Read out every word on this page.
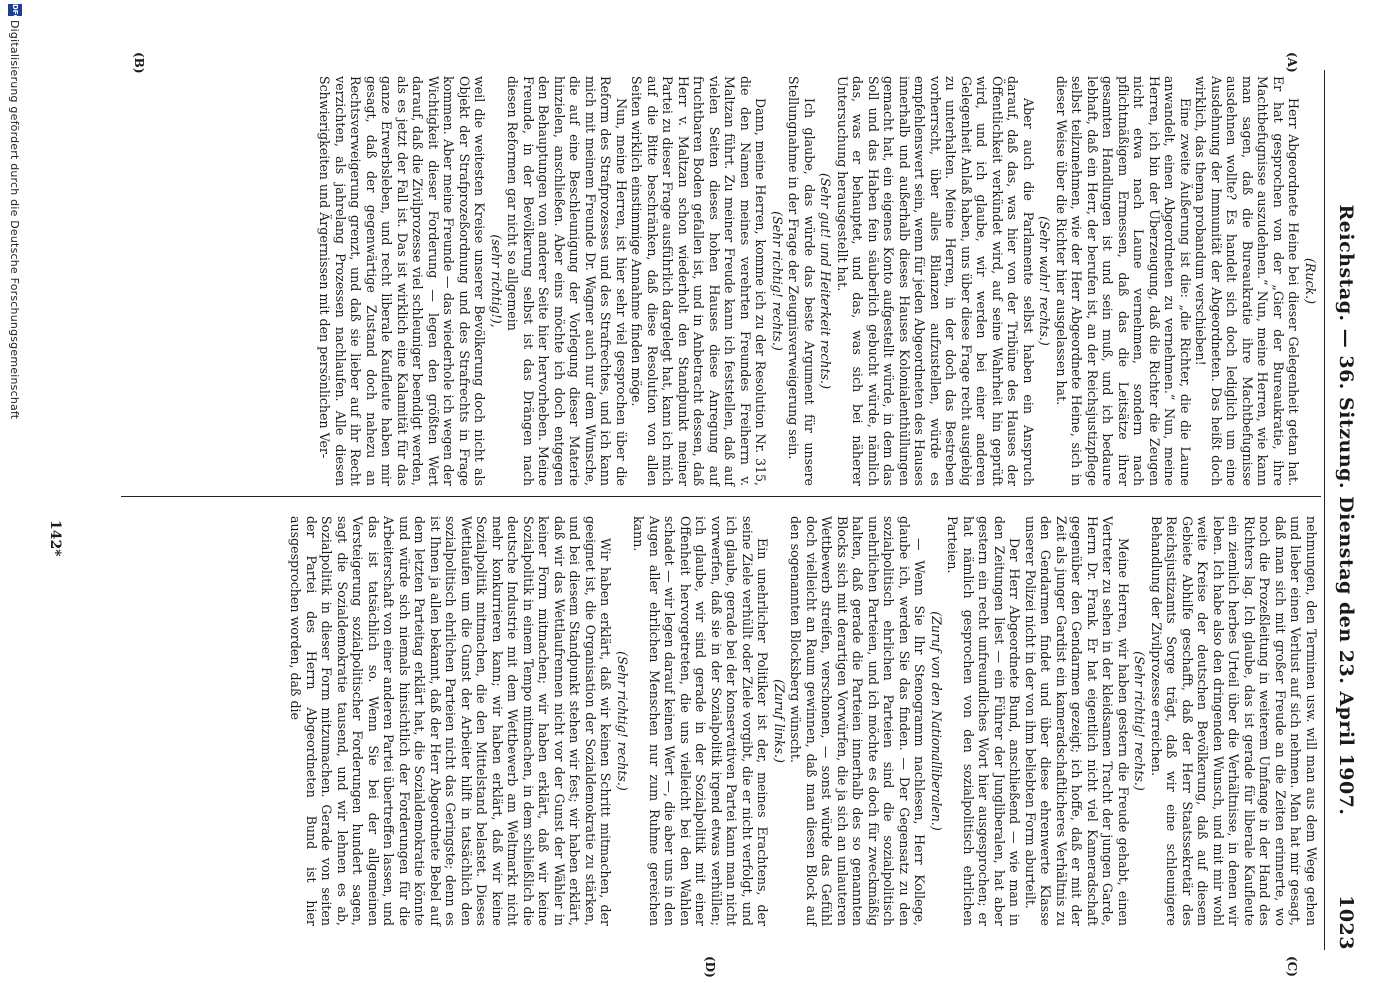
Reichstag. — 36. Sitzung. Dienstag den 23. April 1907.
1023
(A)
(B)
(C)
(D)

(Ruck.)

Herr Abgeordnete Heine bei dieser Gelegenheit getan hat. Er hat gesprochen von der „Gier der Bureaukratie, ihre Machtbefugnisse auszudehnen.“ Nun, meine Herren, wie kann man sagen, daß die Bureaukratie ihre Machtbefugnisse ausdehnen wollte? Es handelt sich doch lediglich um eine Ausdehnung der Immunität der Abgeordneten. Das heißt doch wirklich, das thema probandum verschieben!

Eine zweite Äußerung ist die: „die Richter, die die Laune anwandelt, einen Abgeordneten zu vernehmen.“ Nun, meine Herren, ich bin der Überzeugung, daß die Richter die Zeugen nicht etwa nach Laune vernehmen, sondern nach pflichtmäßigem Ermessen, daß das die Leitsätze ihrer gesamten Handlungen ist und sein muß, und ich bedaure lebhaft, daß ein Herr, der berufen ist, an der Reichsjustizpflege selbst teilzunehmen, wie der Herr Abgeordnete Heine, sich in dieser Weise über die Richter hier ausgelassen hat.

(Sehr wahr! rechts.)

Aber auch die Parlamente selbst haben ein Anspruch darauf, daß das, was hier von der Tribüne des Hauses der Öffentlichkeit verkündet wird, auf seine Wahrheit hin geprüft wird, und ich glaube, wir werden bei einer anderen Gelegenheit Anlaß haben, uns über diese Frage recht ausgiebig zu unterhalten. Meine Herren, in der doch das Bestreben vorherrscht, über alles Bilanzen aufzustellen, würde es empfehlenswert sein, wenn für jeden Abgeordneten des Hauses innerhalb und außerhalb dieses Hauses Kolonialenthüllungen gemacht hat, ein eigenes Konto aufgestellt würde, in dem das Soll und das Haben fein säuberlich gebucht würde, nämlich das, was er behauptet, und das, was sich bei näherer Untersuchung herausgestellt hat.

(Sehr gut! und Heiterkeit rechts.)

Ich glaube, das würde das beste Argument für unsere Stellungnahme in der Frage der Zeugnisverweigerung sein.

(Sehr richtig! rechts.)

Dann, meine Herren, komme ich zu der Resolution Nr. 315, die den Namen meines verehrten Freundes Freiherrn v. Maltzan führt. Zu meiner Freude kann ich feststellen, daß auf vielen Seiten dieses hohen Hauses diese Anregung auf fruchtbaren Boden gefallen ist, und in Anbetracht dessen, daß Herr v. Maltzan schon wiederholt den Standpunkt meiner Partei zu dieser Frage ausführlich dargelegt hat, kann ich mich auf die Bitte beschränken, daß diese Resolution von allen Seiten wirklich einstimmige Annahme finden möge.

Nun, meine Herren, ist hier sehr viel gesprochen über die Reform des Strafprozesses und des Strafrechtes, und ich kann mich mit meinem Freunde Dr. Wagner auch nur dem Wunsche, die auf eine Beschleunigung der Vorlegung dieser Materie hinzielen, anschließen. Aber eins möchte ich doch entgegen den Behauptungen von anderer Seite hier hervorheben. Meine Freunde, in der Bevölkerung selbst ist das Drängen nach diesen Reformen gar nicht so allgemein

(sehr richtig!),

weil die weitesten Kreise unserer Bevölkerung doch nicht als Objekt der Strafprozeßordnung und des Strafrechts in Frage kommen. Aber meine Freunde — das wiederhole ich wegen der Wichtigkeit dieser Forderung — legen den größten Wert darauf, daß die Zivilprozesse viel schleuniger beendigt werden, als es jetzt der Fall ist. Das ist wirklich eine Kalamität für das ganze Erwerbsleben, und recht liberale Kaufleute haben mir gesagt, daß der gegenwärtige Zustand doch nahezu an Rechtsverweigerung grenzt, und daß sie lieber auf ihr Recht verzichten, als jahrelang Prozessen nachlaufen. Alle diesen Schwierigkeiten und Ärgernissen mit den persönlichen Ver-

nehmungen, den Terminen usw. will man aus dem Wege gehen und lieber einen Verlust auf sich nehmen. Man hat mir gesagt, daß man sich mit großer Freude an die Zeiten erinnerte, wo noch die Prozeßleitung in weiterem Umfange in der Hand des Richters lag. Ich glaube, das ist gerade für liberale Kaufleute ein ziemlich herbes Urteil über die Verhältnisse, in denen wir leben. Ich habe also den dringenden Wunsch, und mit mir wohl weite Kreise der deutschen Bevölkerung, daß auf diesem Gebiete Abhilfe geschafft, daß der Herr Staatssekretär des Reichsjustizamts Sorge trägt, daß wir eine schleunigere Behandlung der Zivilprozesse erreichen.

(Sehr richtig! rechts.)

Meine Herren, wir haben gestern die Freude gehabt, einen Vertreter zu sehen in der kleidsamen Tracht der jungen Garde, Herrn Dr. Frank. Er hat eigentlich nicht viel Kameradschaft gegenüber den Gendarmen gezeigt; ich hoffe, daß er mit der Zeit als junger Gardist ein kameradschaftlicheres Verhältnis zu den Gendarmen findet und über diese ehrenwerte Klasse unserer Polizei nicht in der von ihm beliebten Form aburteilt.

Der Herr Abgeordnete Bund, anschließend — wie man in den Zeitungen liest — ein Führer der Jungliberalen, hat aber gestern ein recht unfreundliches Wort hier ausgesprochen; er hat nämlich gesprochen von den sozialpolitisch ehrlichen Parteien.

(Zuruf von den Nationalliberalen.)

— Wenn Sie Ihr Stenogramm nachlesen, Herr Kollege, glaube ich, werden Sie das finden. — Der Gegensatz zu den sozialpolitisch ehrlichen Parteien sind die sozialpolitisch unehrlichen Parteien, und ich möchte es doch für zweckmäßig halten, daß gerade die Parteien innerhalb des so genannten Blocks sich mit derartigen Vorwürfen, die ja sich an unlauteren Wettbewerb streifen, verschonen, — sonst würde das Gefühl doch vielleicht an Raum gewinnen, daß man diesen Block auf den sogenannten Blocksberg wünscht.

(Zuruf links.)

Ein unehrlicher Politiker ist der, meines Erachtens, der seine Ziele verhüllt oder Ziele vorgibt, die er nicht verfolgt, und ich glaube, gerade bei der konservativen Partei kann man nicht vorwerfen, daß sie in der Sozialpolitik irgend etwas verhüllen; ich glaube, wir sind gerade in der Sozialpolitik mit einer Offenheit hervorgetreten, die uns vielleicht bei den Wahlen schadet — wir legen darauf keinen Wert —, die aber uns in den Augen aller ehrlichen Menschen nur zum Ruhme gereichen kann.

(Sehr richtig! rechts.)

Wir haben erklärt, daß wir keinen Schritt mitmachen, der geeignet ist, die Organisation der Sozialdemokratie zu stärken, und bei diesem Standpunkt stehen wir fest; wir haben erklärt, daß wir das Wettlaufrennen nicht vor der Gunst der Wähler in keiner Form mitmachen; wir haben erklärt, daß wir keine Sozialpolitik in einem Tempo mitmachen, in dem schließlich die deutsche Industrie mit dem Wettbewerb am Weltmarkt nicht mehr konkurrieren kann; wir haben erklärt, daß wir keine Sozialpolitik mitmachen, die den Mittelstand belastet. Dieses Wettlaufen um die Gunst der Arbeiter hilft in tatsächlich den sozialpolitisch ehrlichen Parteien nicht das Geringste; denn es ist Ihnen ja allen bekannt, daß der Herr Abgeordnete Bebel auf dem letzten Parteitag erklärt hat, die Sozialdemokratie könnte und würde sich niemals hinsichtlich der Forderungen für die Arbeiterschaft von einer anderen Partei übertreffen lassen, und das ist tatsächlich so. Wenn Sie bei der allgemeinen Versteigerung sozialpolitischer Forderungen hundert sagen, sagt die Sozialdemokratie tausend, und wir lehnen es ab, Sozialpolitik in dieser Form mitzumachen. Gerade von seiten der Partei des Herrn Abgeordneten Bund ist hier ausgesprochen worden, daß die

142*
DFG
Digitalisierung gefördert durch die Deutsche Forschungsgemeinschaft
